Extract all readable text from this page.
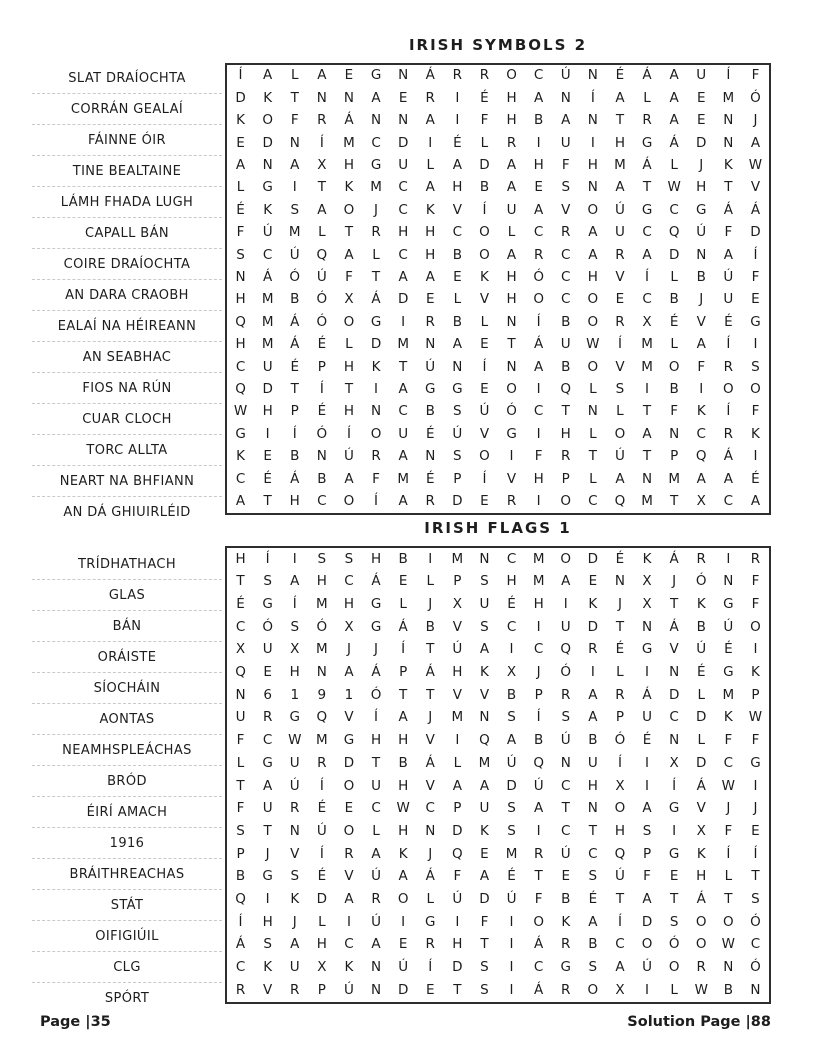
IRISH SYMBOLS 2
SLAT DRAÍOCHTA
CORRÁN GEALAÍ
FÁINNE ÓIR
TINE BEALTAINE
LÁMH FHADA LUGH
CAPALL BÁN
COIRE DRAÍOCHTA
AN DARA CRAOBH
EALAÍ NA HÉIREANN
AN SEABHAC
FIOS NA RÚN
CUAR CLOCH
TORC ALLTA
NEART NA BHFIANN
AN DÁ GHIUIRLÉID
Í	A	L	A	E	G	N	Á	R	R	O	C	Ú	N	É	Á	A	U	Í	F
D	K	T	N	N	A	E	R	I	É	H	A	N	Í	A	L	A	E	M	Ó
K	O	F	R	Á	N	N	A	I	F	H	B	A	N	T	R	A	E	N	J
E	D	N	Í	M	C	D	I	É	L	R	I	U	I	H	G	Á	D	N	A
A	N	A	X	H	G	U	L	A	D	A	H	F	H	M	Á	L	J	K	W
L	G	I	T	K	M	C	A	H	B	A	E	S	N	A	T	W	H	T	V
É	K	S	A	O	J	C	K	V	Í	U	A	V	O	Ú	G	C	G	Á	Á
F	Ú	M	L	T	R	H	H	C	O	L	C	R	A	U	C	Q	Ú	F	D
S	C	Ú	Q	A	L	C	H	B	O	A	R	C	A	R	A	D	N	A	Í
N	Á	Ó	Ú	F	T	A	A	E	K	H	Ó	C	H	V	Í	L	B	Ú	F
H	M	B	Ó	X	Á	D	E	L	V	H	O	C	O	E	C	B	J	U	E
Q	M	Á	Ó	O	G	I	R	B	L	N	Í	B	O	R	X	É	V	É	G
H	M	Á	É	L	D	M	N	A	E	T	Á	U	W	Í	M	L	A	Í	I
C	U	É	P	H	K	T	Ú	N	Í	N	A	B	O	V	M	O	F	R	S
Q	D	T	Í	T	I	A	G	G	E	O	I	Q	L	S	I	B	I	O	O
W	H	P	É	H	N	C	B	S	Ú	Ó	C	T	N	L	T	F	K	Í	F
G	I	Í	Ó	Í	O	U	É	Ú	V	G	I	H	L	O	A	N	C	R	K
K	E	B	N	Ú	R	A	N	S	O	I	F	R	T	Ú	T	P	Q	Á	I
C	É	Á	B	A	F	M	É	P	Í	V	H	P	L	A	N	M	A	A	É
A	T	H	C	O	Í	A	R	D	E	R	I	O	C	Q	M	T	X	C	A
IRISH FLAGS 1
TRÍDHATHACH
GLAS
BÁN
ORÁISTE
SÍOCHÁIN
AONTAS
NEAMHSPLEÁCHAS
BRÓD
ÉIRÍ AMACH
1916
BRÁITHREACHAS
STÁT
OIFIGIÚIL
CLG
SPÓRT
H	Í	I	S	S	H	B	I	M	N	C	M	O	D	É	K	Á	R	I	R
T	S	A	H	C	Á	E	L	P	S	H	M	A	E	N	X	J	Ó	N	F
É	G	Í	M	H	G	L	J	X	U	É	H	I	K	J	X	T	K	G	F
C	Ó	S	Ó	X	G	Á	B	V	S	C	I	U	D	T	N	Á	B	Ú	O
X	U	X	M	J	J	Í	T	Ú	A	I	C	Q	R	É	G	V	Ú	É	I
Q	E	H	N	A	Á	P	Á	H	K	X	J	Ó	I	L	I	N	É	G	K
N	6	1	9	1	Ó	T	T	V	V	B	P	R	A	R	Á	D	L	M	P
U	R	G	Q	V	Í	A	J	M	N	S	Í	S	A	P	U	C	D	K	W
F	C	W	M	G	H	H	V	I	Q	A	B	Ú	B	Ó	É	N	L	F	F
L	G	U	R	D	T	B	Á	L	M	Ú	Q	N	U	Í	I	X	D	C	G
T	A	Ú	Í	O	U	H	V	A	A	D	Ú	C	H	X	I	Í	Á	W	I
F	U	R	É	E	C	W	C	P	U	S	A	T	N	O	A	G	V	J	J
S	T	N	Ú	O	L	H	N	D	K	S	I	C	T	H	S	I	X	F	E
P	J	V	Í	R	A	K	J	Q	E	M	R	Ú	C	Q	P	G	K	Í	Í
B	G	S	É	V	Ú	A	Á	F	A	É	T	E	S	Ú	F	E	H	L	T
Q	I	K	D	A	R	O	L	Ú	D	Ú	F	B	É	T	A	T	Á	T	S
Í	H	J	L	I	Ú	I	G	I	F	I	O	K	A	Í	D	S	O	O	Ó
Á	S	A	H	C	A	E	R	H	T	I	Á	R	B	C	O	Ó	O	W	C
C	K	U	X	K	N	Ú	Í	D	S	I	C	G	S	A	Ú	O	R	N	Ó
R	V	R	P	Ú	N	D	E	T	S	I	Á	R	O	X	I	L	W	B	N
Page |35	Solution Page |88
